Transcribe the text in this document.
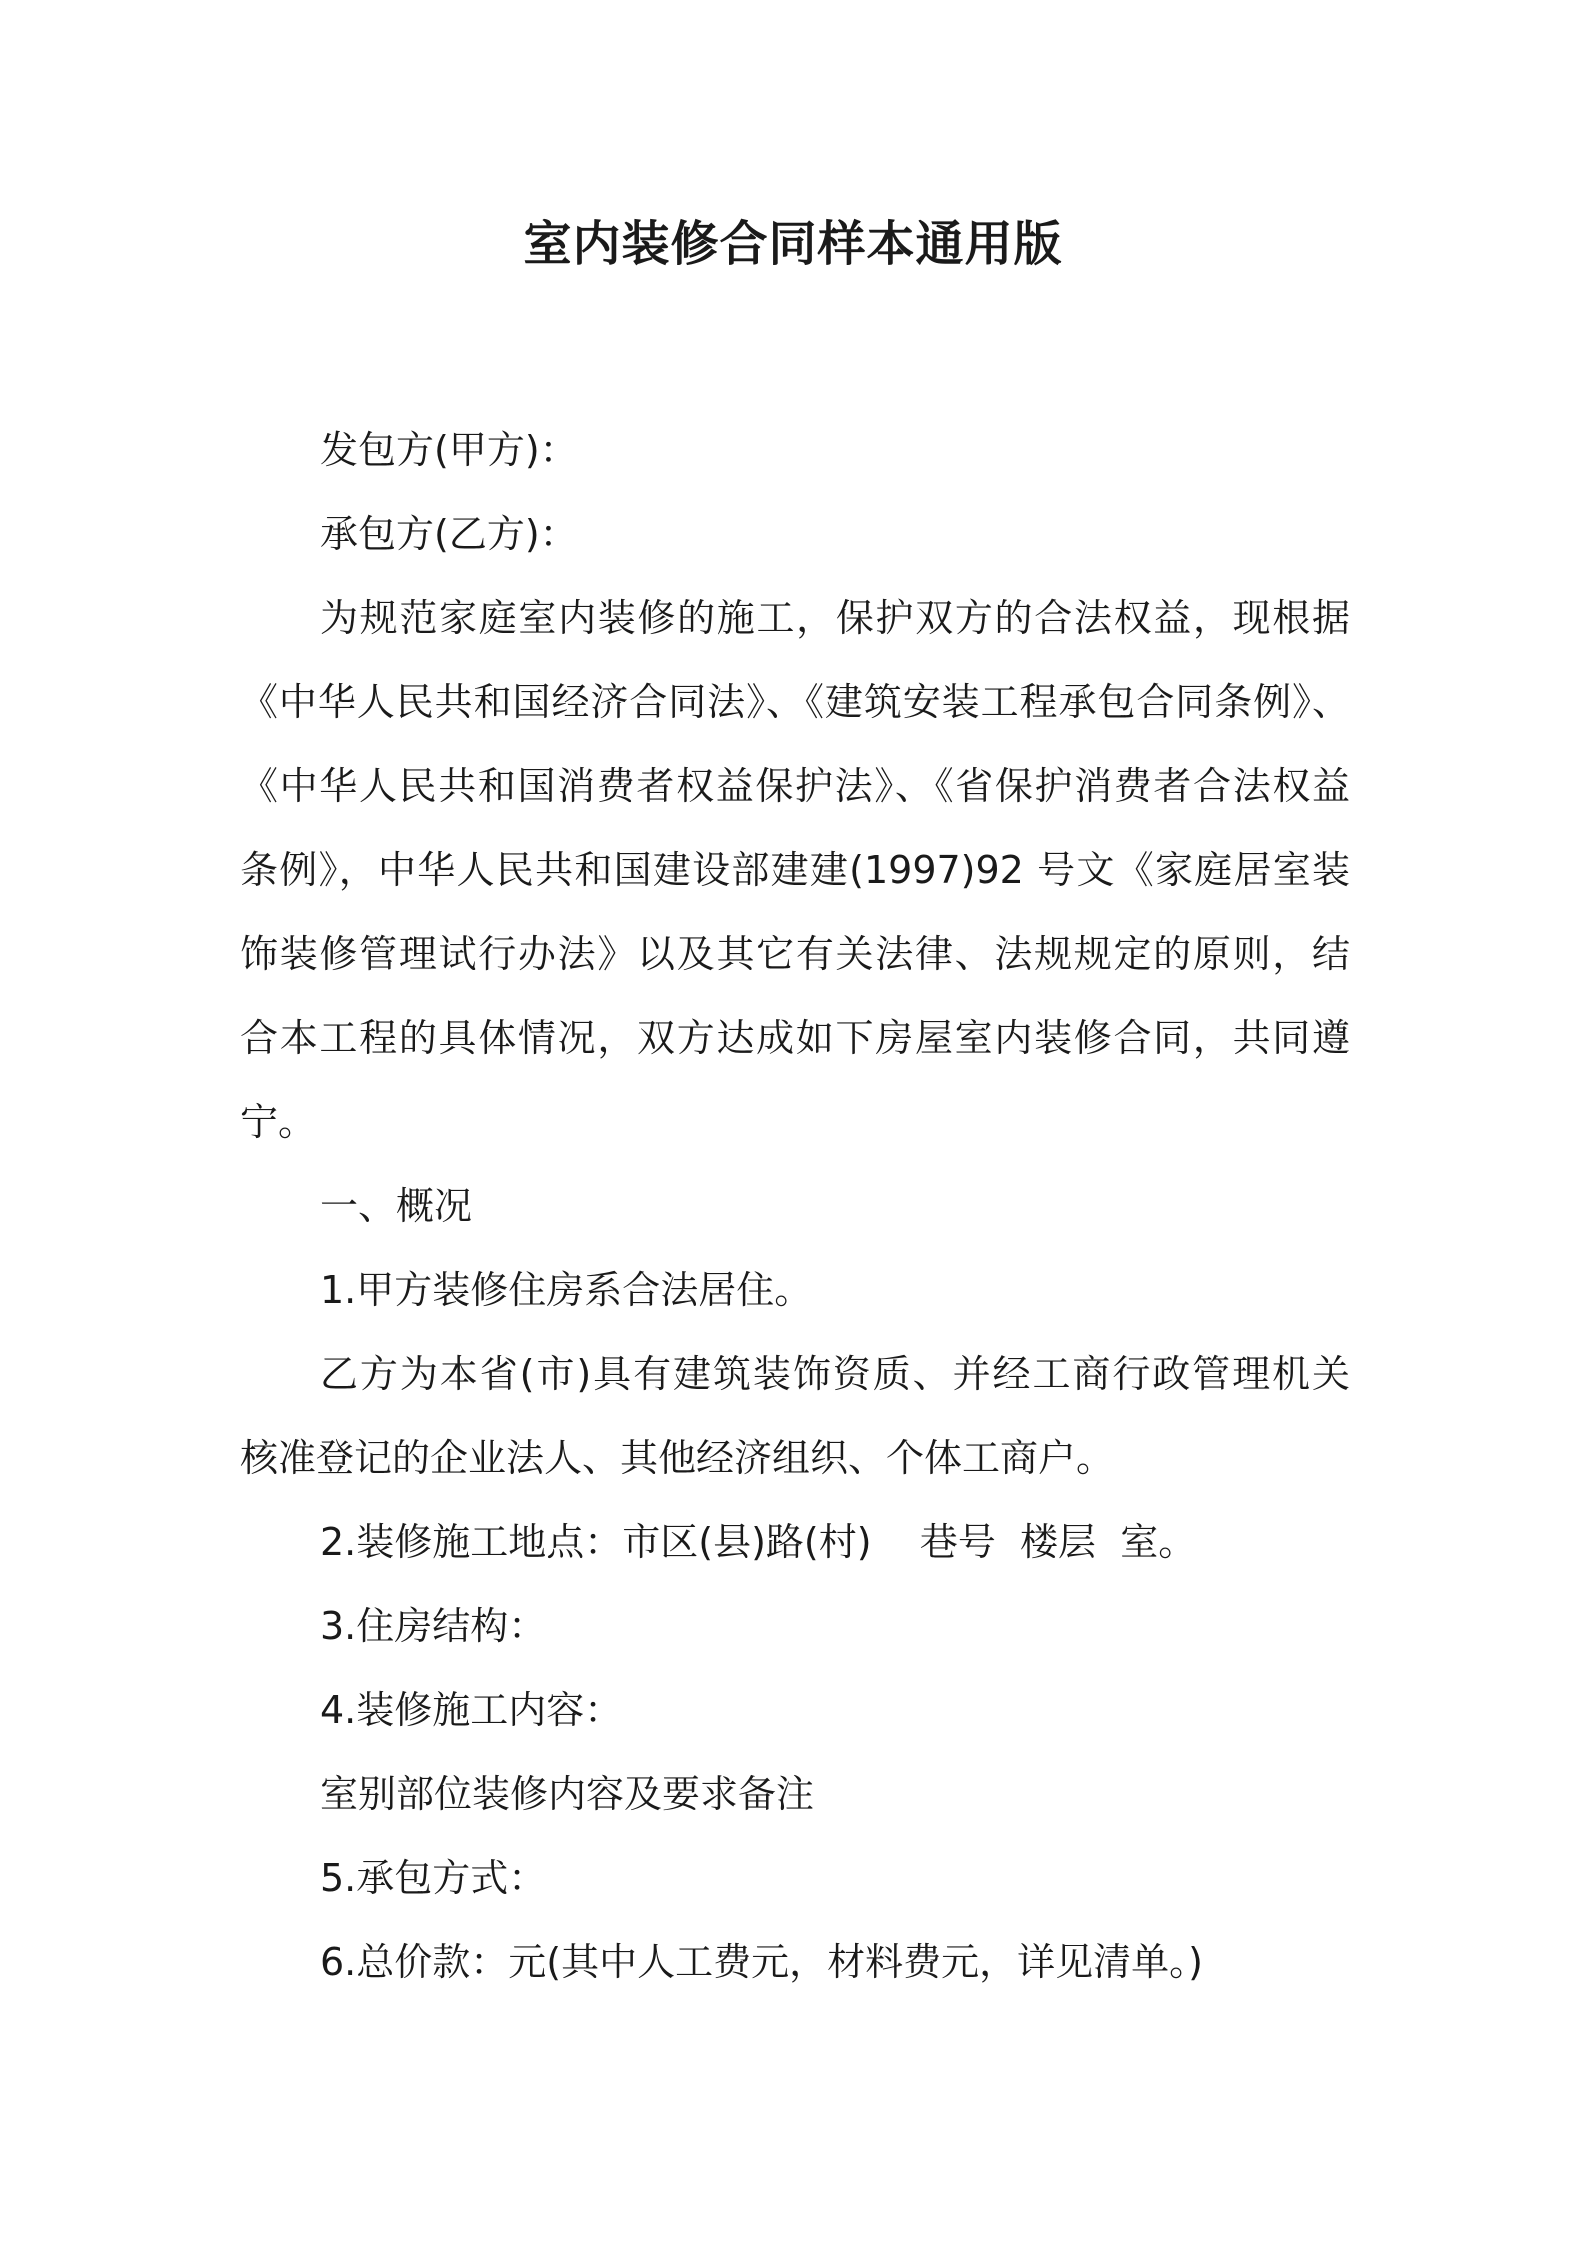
室内装修合同样本通用版
发包方(甲方)：
承包方(乙方)：
为规范家庭室内装修的施工，保护双方的合法权益，现根据
《中华人民共和国经济合同法》、《建筑安装工程承包合同条例》、
《中华人民共和国消费者权益保护法》、《省保护消费者合法权益
条例》，中华人民共和国建设部建建(1997)92 号文《家庭居室装
饰装修管理试行办法》以及其它有关法律、法规规定的原则，结
合本工程的具体情况，双方达成如下房屋室内装修合同，共同遵
宁。
一、概况
1.甲方装修住房系合法居住。
乙方为本省(市)具有建筑装饰资质、并经工商行政管理机关
核准登记的企业法人、其他经济组织、个体工商户。
2.装修施工地点：市区(县)路(村)    巷号  楼层  室。
3.住房结构：
4.装修施工内容：
室别部位装修内容及要求备注
5.承包方式：
6.总价款：元(其中人工费元，材料费元，详见清单。)
